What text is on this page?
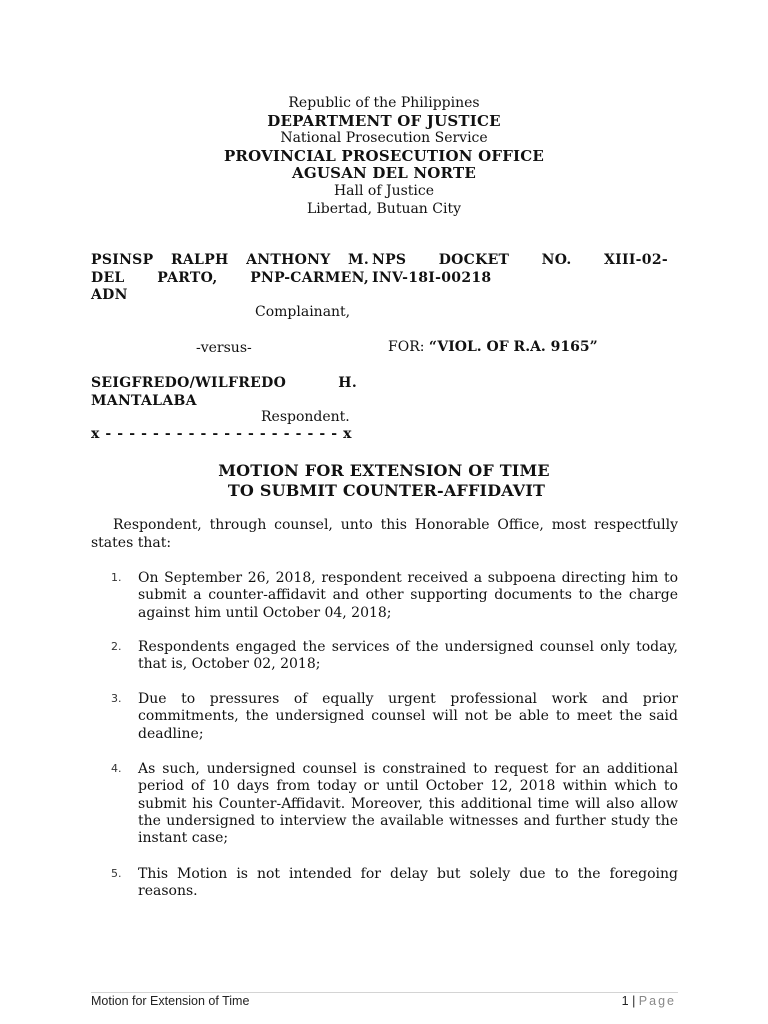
Republic of the Philippines
DEPARTMENT OF JUSTICE
National Prosecution Service
PROVINCIAL PROSECUTION OFFICE
AGUSAN DEL NORTE
Hall of Justice
Libertad, Butuan City
PSINSP RALPH ANTHONY M.
DEL PARTO, PNP-CARMEN,
ADN
NPS DOCKET NO. XIII-02-
INV-18I-00218
Complainant,
-versus-	FOR: “VIOL. OF R.A. 9165”
SEIGFREDO/WILFREDO H.
MANTALABA
Respondent.
x - - - - - - - - - - - - - - - - - - - - x
MOTION FOR EXTENSION OF TIME
TO SUBMIT COUNTER-AFFIDAVIT
Respondent, through counsel, unto this Honorable Office, most respectfully states that:
1.	On September 26, 2018, respondent received a subpoena directing him to submit a counter-affidavit and other supporting documents to the charge against him until October 04, 2018;
2.	Respondents engaged the services of the undersigned counsel only today, that is, October 02, 2018;
3.	Due to pressures of equally urgent professional work and prior commitments, the undersigned counsel will not be able to meet the said deadline;
4.	As such, undersigned counsel is constrained to request for an additional period of 10 days from today or until October 12, 2018 within which to submit his Counter-Affidavit. Moreover, this additional time will also allow the undersigned to interview the available witnesses and further study the instant case;
5.	This Motion is not intended for delay but solely due to the foregoing reasons.
Motion for Extension of Time	1 | Page
